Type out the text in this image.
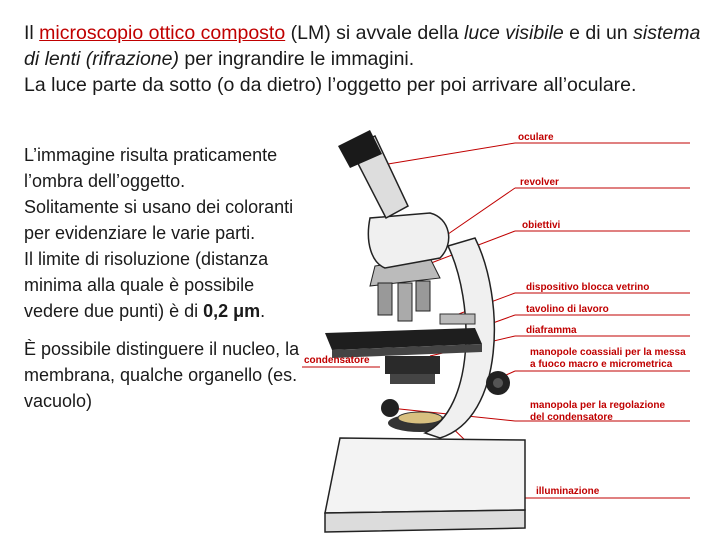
Il microscopio ottico composto (LM) si avvale della luce visibile e di un sistema di lenti (rifrazione) per ingrandire le immagini.
La luce parte da sotto (o da dietro) l’oggetto per poi arrivare all’oculare.

L’immagine risulta praticamente l’ombra dell’oggetto.

Solitamente si usano dei coloranti per evidenziare le varie parti.

Il limite di risoluzione (distanza minima alla quale è possibile vedere due punti) è di 0,2 μm.

È possibile distinguere il nucleo, la membrana, qualche organello (es. vacuolo)

oculare
revolver
obiettivi
dispositivo blocca vetrino
tavolino di lavoro
diaframma
manopole coassiali per la messa
a fuoco macro e micrometrica
condensatore
manopola per la regolazione
del condensatore
illuminazione
